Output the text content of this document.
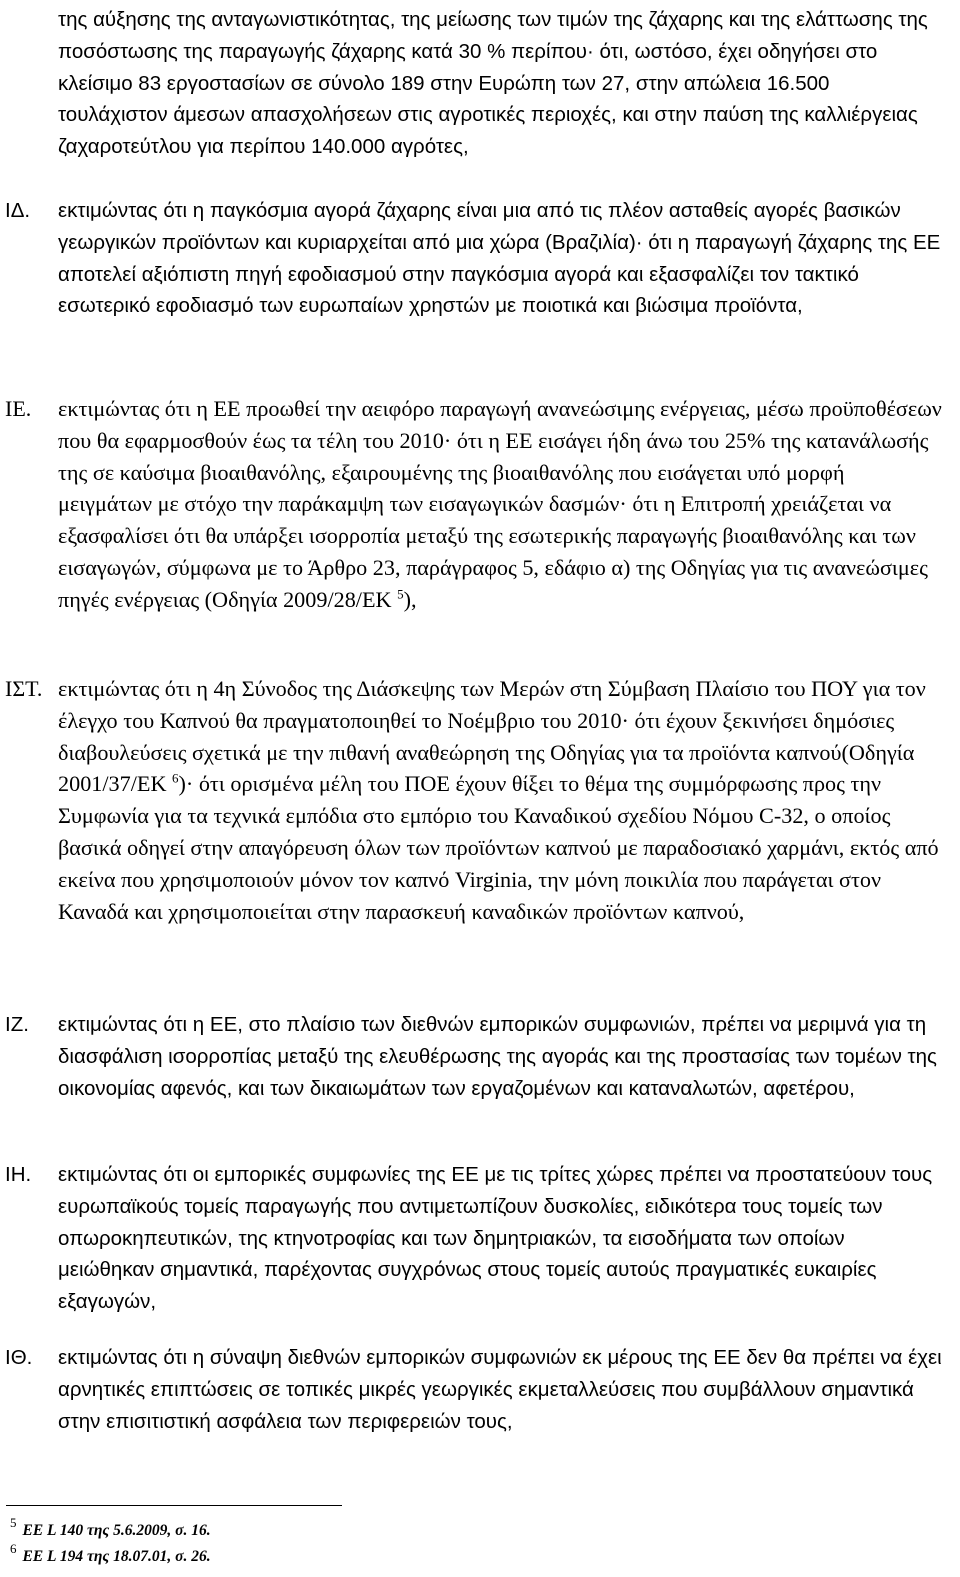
της αύξησης της ανταγωνιστικότητας, της μείωσης των τιμών της ζάχαρης και της ελάττωσης της ποσόστωσης της παραγωγής ζάχαρης κατά 30 % περίπου· ότι, ωστόσο, έχει οδηγήσει στο κλείσιμο 83 εργοστασίων σε σύνολο 189 στην Ευρώπη των 27, στην απώλεια 16.500 τουλάχιστον άμεσων απασχολήσεων στις αγροτικές περιοχές, και στην παύση της καλλιέργειας ζαχαροτεύτλου για περίπου 140.000 αγρότες,

ΙΔ. εκτιμώντας ότι η παγκόσμια αγορά ζάχαρης είναι μια από τις πλέον ασταθείς αγορές βασικών γεωργικών προϊόντων και κυριαρχείται από μια χώρα (Βραζιλία)· ότι η παραγωγή ζάχαρης της ΕΕ αποτελεί αξιόπιστη πηγή εφοδιασμού στην παγκόσμια αγορά και εξασφαλίζει τον τακτικό εσωτερικό εφοδιασμό των ευρωπαίων χρηστών με ποιοτικά και βιώσιμα προϊόντα,

ΙΕ. εκτιμώντας ότι η ΕΕ προωθεί την αειφόρο παραγωγή ανανεώσιμης ενέργειας, μέσω προϋποθέσεων που θα εφαρμοσθούν έως τα τέλη του 2010· ότι η ΕΕ εισάγει ήδη άνω του 25% της κατανάλωσής της σε καύσιμα βιοαιθανόλης, εξαιρουμένης της βιοαιθανόλης που εισάγεται υπό μορφή μειγμάτων με στόχο την παράκαμψη των εισαγωγικών δασμών· ότι η Επιτροπή χρειάζεται να εξασφαλίσει ότι θα υπάρξει ισορροπία μεταξύ της εσωτερικής παραγωγής βιοαιθανόλης και των εισαγωγών, σύμφωνα με το Άρθρο 23, παράγραφος 5, εδάφιο α) της Οδηγίας για τις ανανεώσιμες πηγές ενέργειας (Οδηγία 2009/28/ΕΚ $^5$),

ΙΣΤ. εκτιμώντας ότι η 4η Σύνοδος της Διάσκεψης των Μερών στη Σύμβαση Πλαίσιο του ΠΟΥ για τον έλεγχο του Καπνού θα πραγματοποιηθεί το Νοέμβριο του 2010· ότι έχουν ξεκινήσει δημόσιες διαβουλεύσεις σχετικά με την πιθανή αναθεώρηση της Οδηγίας για τα προϊόντα καπνού(Οδηγία 2001/37/ΕΚ $^6$)· ότι ορισμένα μέλη του ΠΟΕ έχουν θίξει το θέμα της συμμόρφωσης προς την Συμφωνία για τα τεχνικά εμπόδια στο εμπόριο του Καναδικού σχεδίου Νόμου C-32, ο οποίος βασικά οδηγεί στην απαγόρευση όλων των προϊόντων καπνού με παραδοσιακό χαρμάνι, εκτός από εκείνα που χρησιμοποιούν μόνον τον καπνό Virginia, την μόνη ποικιλία που παράγεται στον Καναδά και χρησιμοποιείται στην παρασκευή καναδικών προϊόντων καπνού,

ΙΖ. εκτιμώντας ότι η ΕΕ, στο πλαίσιο των διεθνών εμπορικών συμφωνιών, πρέπει να μεριμνά για τη διασφάλιση ισορροπίας μεταξύ της ελευθέρωσης της αγοράς και της προστασίας των τομέων της οικονομίας αφενός, και των δικαιωμάτων των εργαζομένων και καταναλωτών, αφετέρου,

ΙΗ. εκτιμώντας ότι οι εμπορικές συμφωνίες της ΕΕ με τις τρίτες χώρες πρέπει να προστατεύουν τους ευρωπαϊκούς τομείς παραγωγής που αντιμετωπίζουν δυσκολίες, ειδικότερα τους τομείς των οπωροκηπευτικών, της κτηνοτροφίας και των δημητριακών, τα εισοδήματα των οποίων μειώθηκαν σημαντικά, παρέχοντας συγχρόνως στους τομείς αυτούς πραγματικές ευκαιρίες εξαγωγών,

ΙΘ. εκτιμώντας ότι η σύναψη διεθνών εμπορικών συμφωνιών εκ μέρους της ΕΕ δεν θα πρέπει να έχει αρνητικές επιπτώσεις σε τοπικές μικρές γεωργικές εκμεταλλεύσεις που συμβάλλουν σημαντικά στην επισιτιστική ασφάλεια των περιφερειών τους,

$^5$ ΕΕ L 140 της 5.6.2009, σ. 16.
$^6$ ΕΕ L 194 της 18.07.01, σ. 26.
